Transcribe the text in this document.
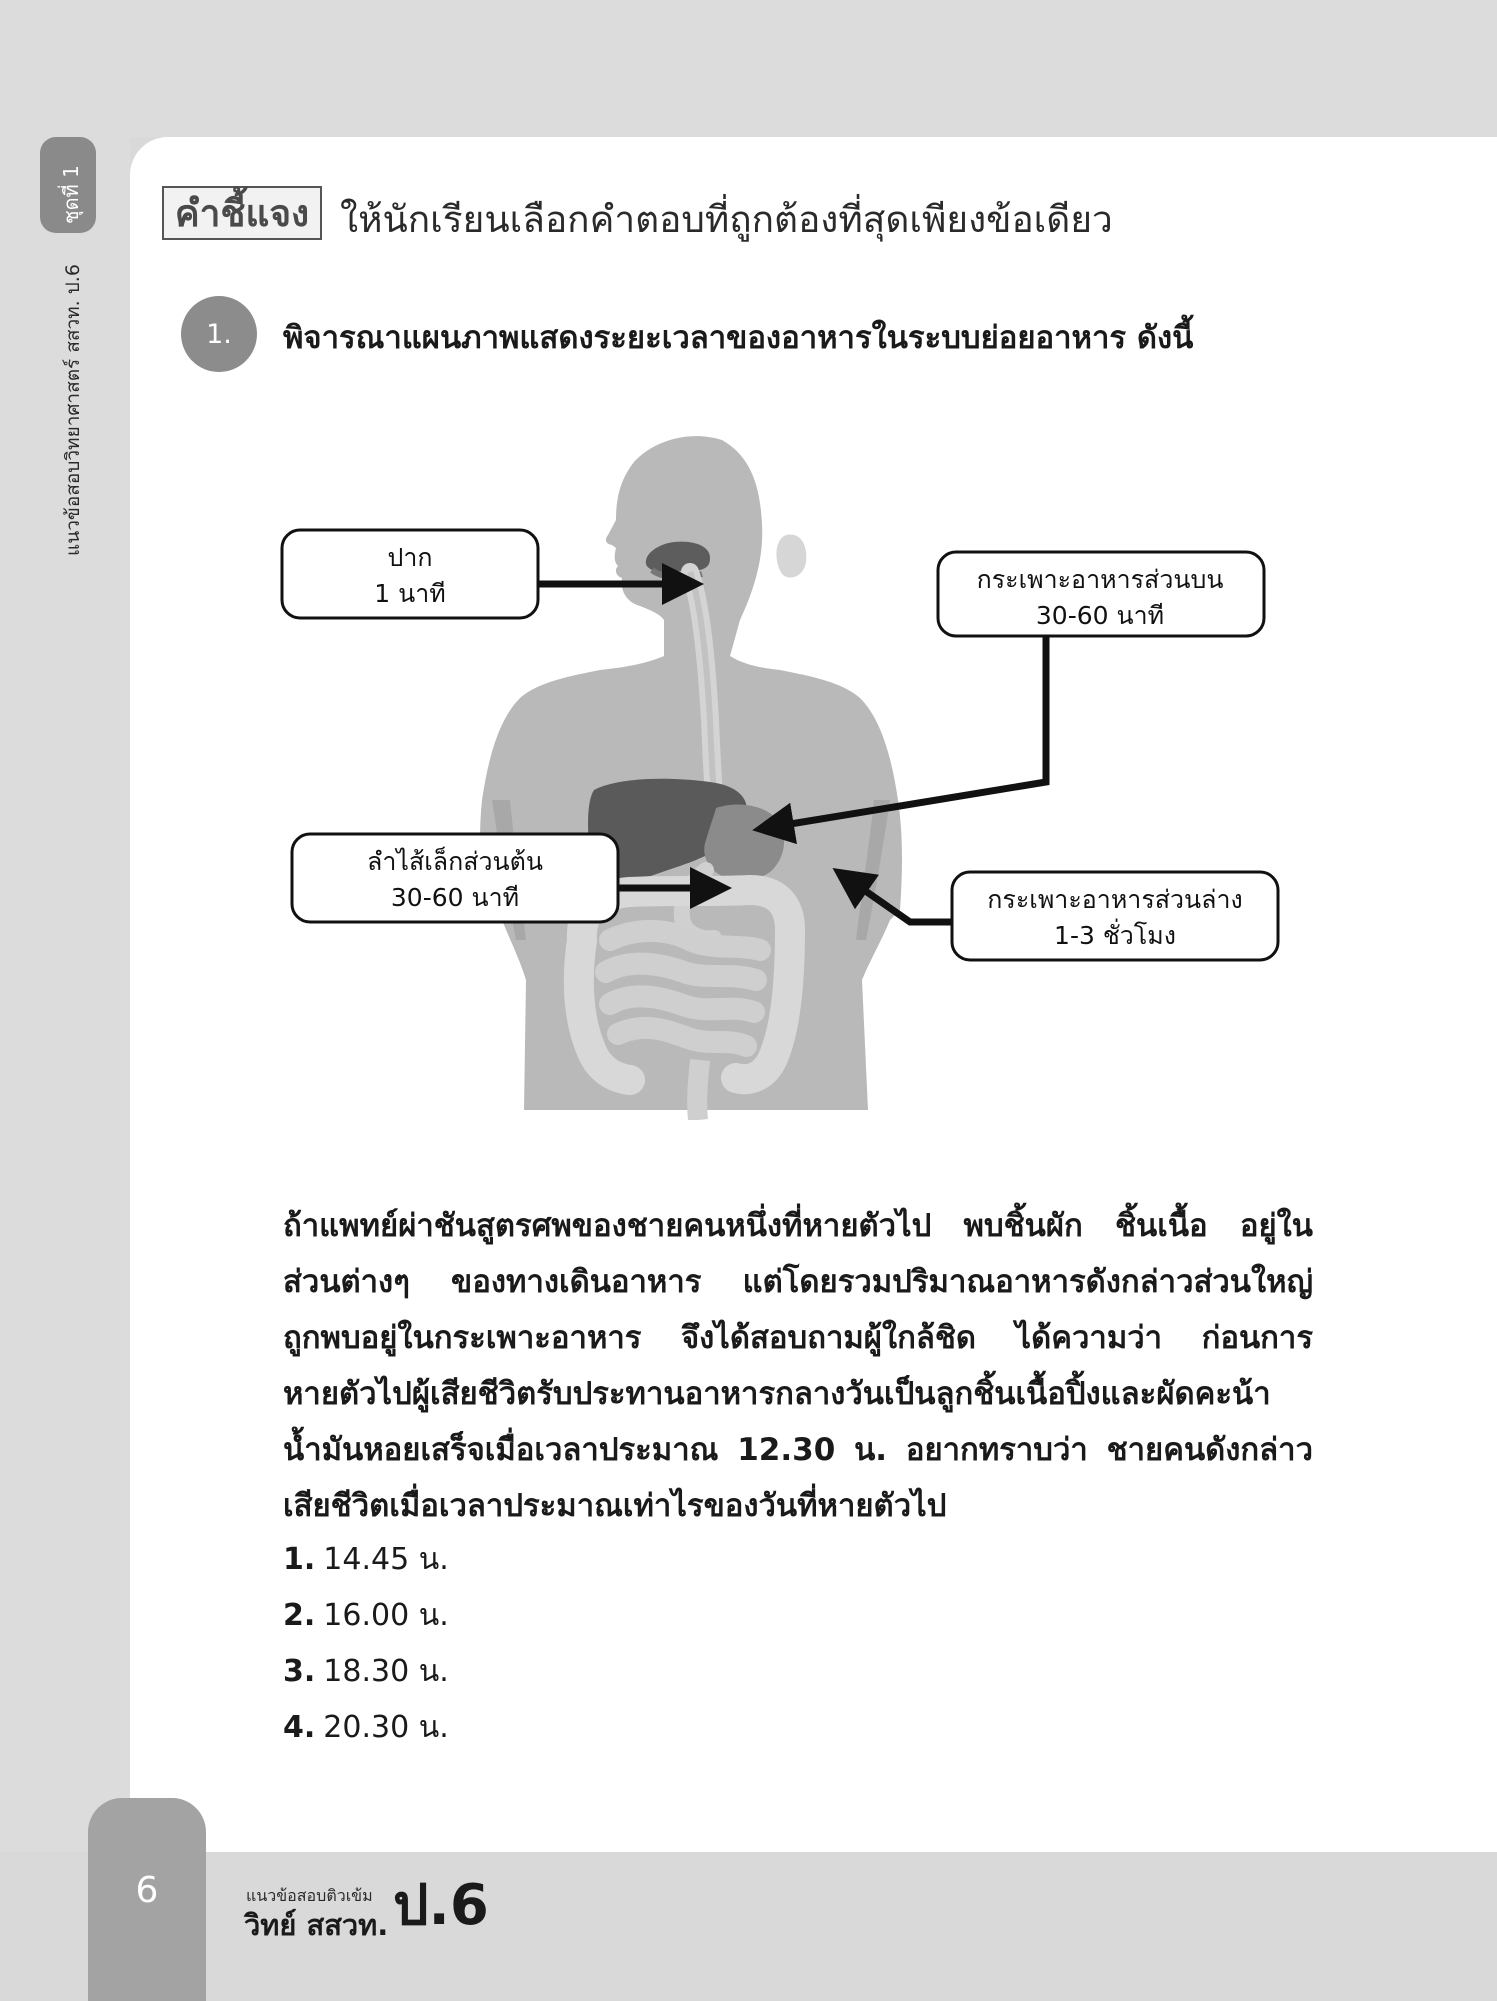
ชุดที่ 1
แนวข้อสอบวิทยาศาสตร์ สสวท. ป.6
คำชี้แจง ให้นักเรียนเลือกคำตอบที่ถูกต้องที่สุดเพียงข้อเดียว
1. พิจารณาแผนภาพแสดงระยะเวลาของอาหารในระบบย่อยอาหาร ดังนี้
ปาก
1 นาที	กระเพาะอาหารส่วนบน
30-60 นาที
ลำไส้เล็กส่วนต้น
30-60 นาที	กระเพาะอาหารส่วนล่าง
1-3 ชั่วโมง
ถ้าแพทย์ผ่าชันสูตรศพของชายคนหนึ่งที่หายตัวไป พบชิ้นผัก ชิ้นเนื้อ อยู่ใน
ส่วนต่างๆ ของทางเดินอาหาร แต่โดยรวมปริมาณอาหารดังกล่าวส่วนใหญ่
ถูกพบอยู่ในกระเพาะอาหาร จึงได้สอบถามผู้ใกล้ชิด ได้ความว่า ก่อนการ
หายตัวไปผู้เสียชีวิตรับประทานอาหารกลางวันเป็นลูกชิ้นเนื้อปิ้งและผัดคะน้า
น้ำมันหอยเสร็จเมื่อเวลาประมาณ 12.30 น. อยากทราบว่า ชายคนดังกล่าว
เสียชีวิตเมื่อเวลาประมาณเท่าไรของวันที่หายตัวไป
1. 14.45 น.
2. 16.00 น.
3. 18.30 น.
4. 20.30 น.
6	แนวข้อสอบติวเข้ม
วิทย์ สสวท. ป.6
